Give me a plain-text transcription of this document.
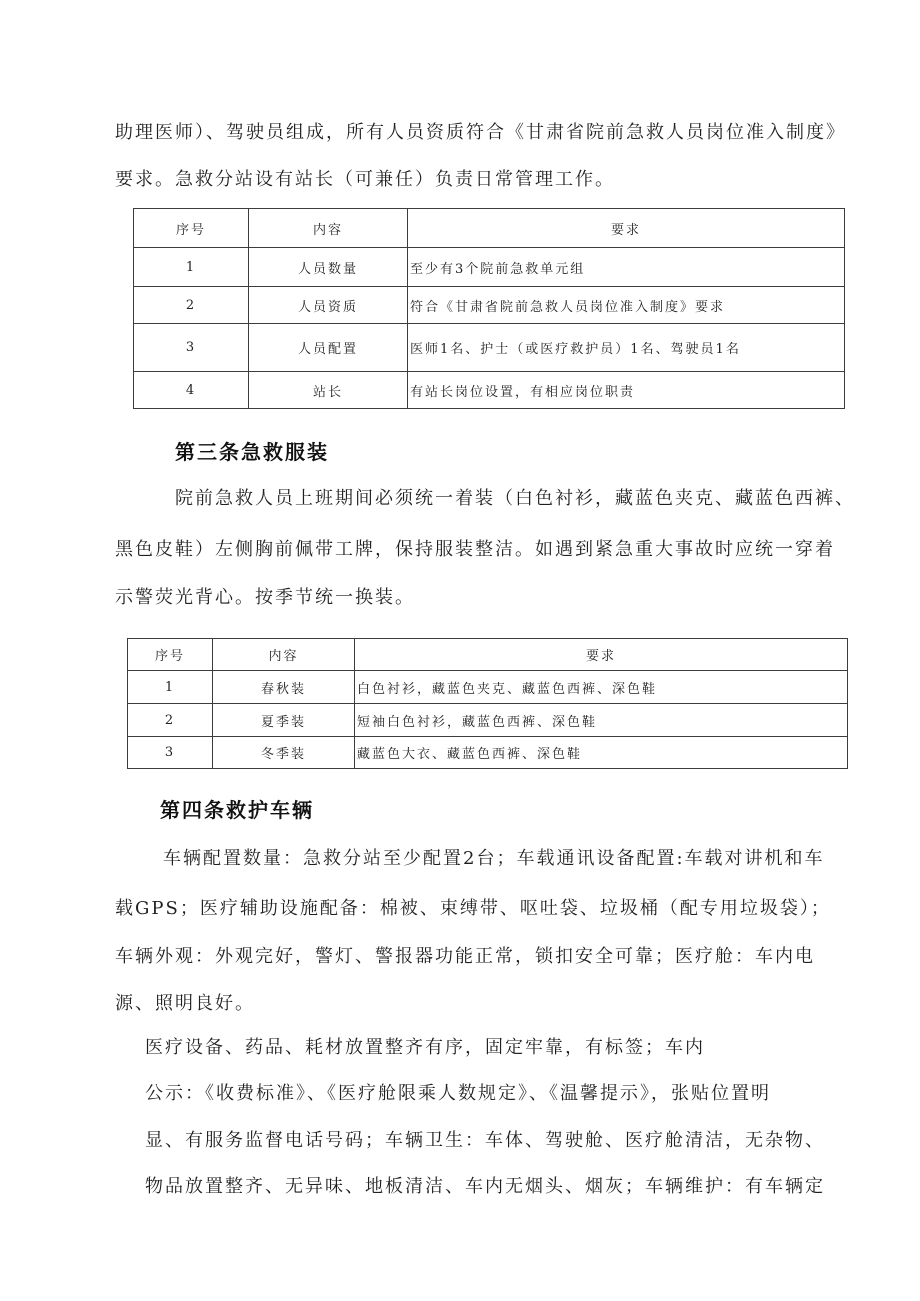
助理医师）、驾驶员组成，所有人员资质符合《甘肃省院前急救人员岗位准入制度》
要求。急救分站设有站长（可兼任）负责日常管理工作。
序号	内容	要求
1	人员数量	至少有3个院前急救单元组
2	人员资质	符合《甘肃省院前急救人员岗位准入制度》要求
3	人员配置	医师1名、护士（或医疗救护员）1名、驾驶员1名
4	站长	有站长岗位设置，有相应岗位职责
第三条急救服装
院前急救人员上班期间必须统一着装（白色衬衫，藏蓝色夹克、藏蓝色西裤、
黑色皮鞋）左侧胸前佩带工牌，保持服装整洁。如遇到紧急重大事故时应统一穿着
示警荧光背心。按季节统一换装。
序号	内容	要求
1	春秋装	白色衬衫，藏蓝色夹克、藏蓝色西裤、深色鞋
2	夏季装	短袖白色衬衫，藏蓝色西裤、深色鞋
3	冬季装	藏蓝色大衣、藏蓝色西裤、深色鞋
第四条救护车辆
车辆配置数量：急救分站至少配置2台；车载通讯设备配置:车载对讲机和车
载GPS；医疗辅助设施配备：棉被、束缚带、呕吐袋、垃圾桶（配专用垃圾袋）；
车辆外观：外观完好，警灯、警报器功能正常，锁扣安全可靠；医疗舱：车内电
源、照明良好。
医疗设备、药品、耗材放置整齐有序，固定牢靠，有标签；车内
公示：《收费标准》、《医疗舱限乘人数规定》、《温馨提示》，张贴位置明
显、有服务监督电话号码；车辆卫生：车体、驾驶舱、医疗舱清洁，无杂物、
物品放置整齐、无异味、地板清洁、车内无烟头、烟灰；车辆维护：有车辆定
